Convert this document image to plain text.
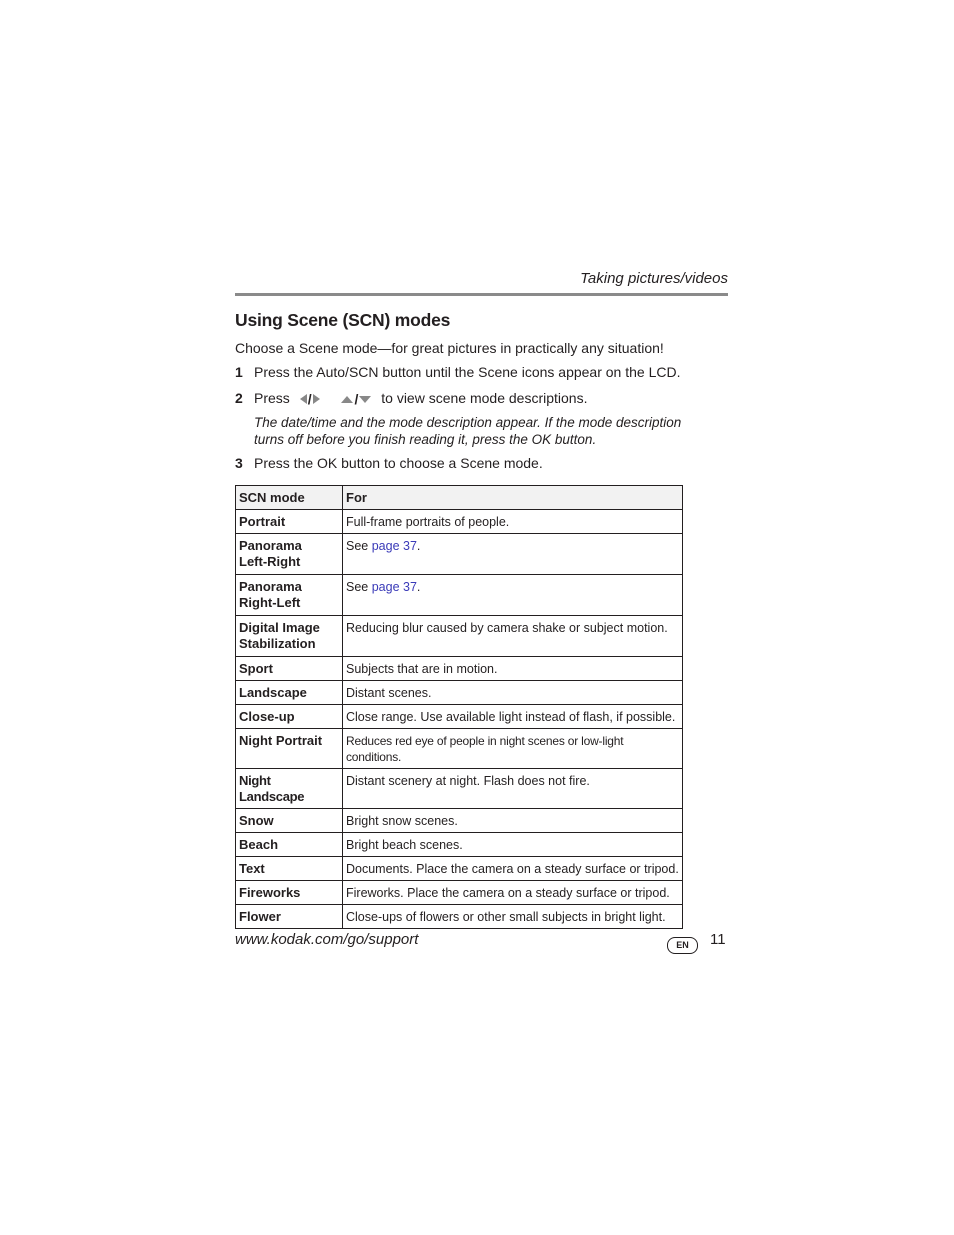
Taking pictures/videos
Using Scene (SCN) modes
Choose a Scene mode—for great pictures in practically any situation!
1 Press the Auto/SCN button until the Scene icons appear on the LCD.
2 Press /	/ to view scene mode descriptions.
The date/time and the mode description appear. If the mode description turns off before you finish reading it, press the OK button.
3 Press the OK button to choose a Scene mode.
SCN mode	For
Portrait	Full-frame portraits of people.
Panorama
Left-Right	See page 37.
Panorama
Right-Left	See page 37.
Digital Image
Stabilization	Reducing blur caused by camera shake or subject motion.
Sport	Subjects that are in motion.
Landscape	Distant scenes.
Close-up	Close range. Use available light instead of flash, if possible.
Night Portrait	Reduces red eye of people in night scenes or low-light conditions.
Night Landscape	Distant scenery at night. Flash does not fire.
Snow	Bright snow scenes.
Beach	Bright beach scenes.
Text	Documents. Place the camera on a steady surface or tripod.
Fireworks	Fireworks. Place the camera on a steady surface or tripod.
Flower	Close-ups of flowers or other small subjects in bright light.
www.kodak.com/go/support	EN	11
